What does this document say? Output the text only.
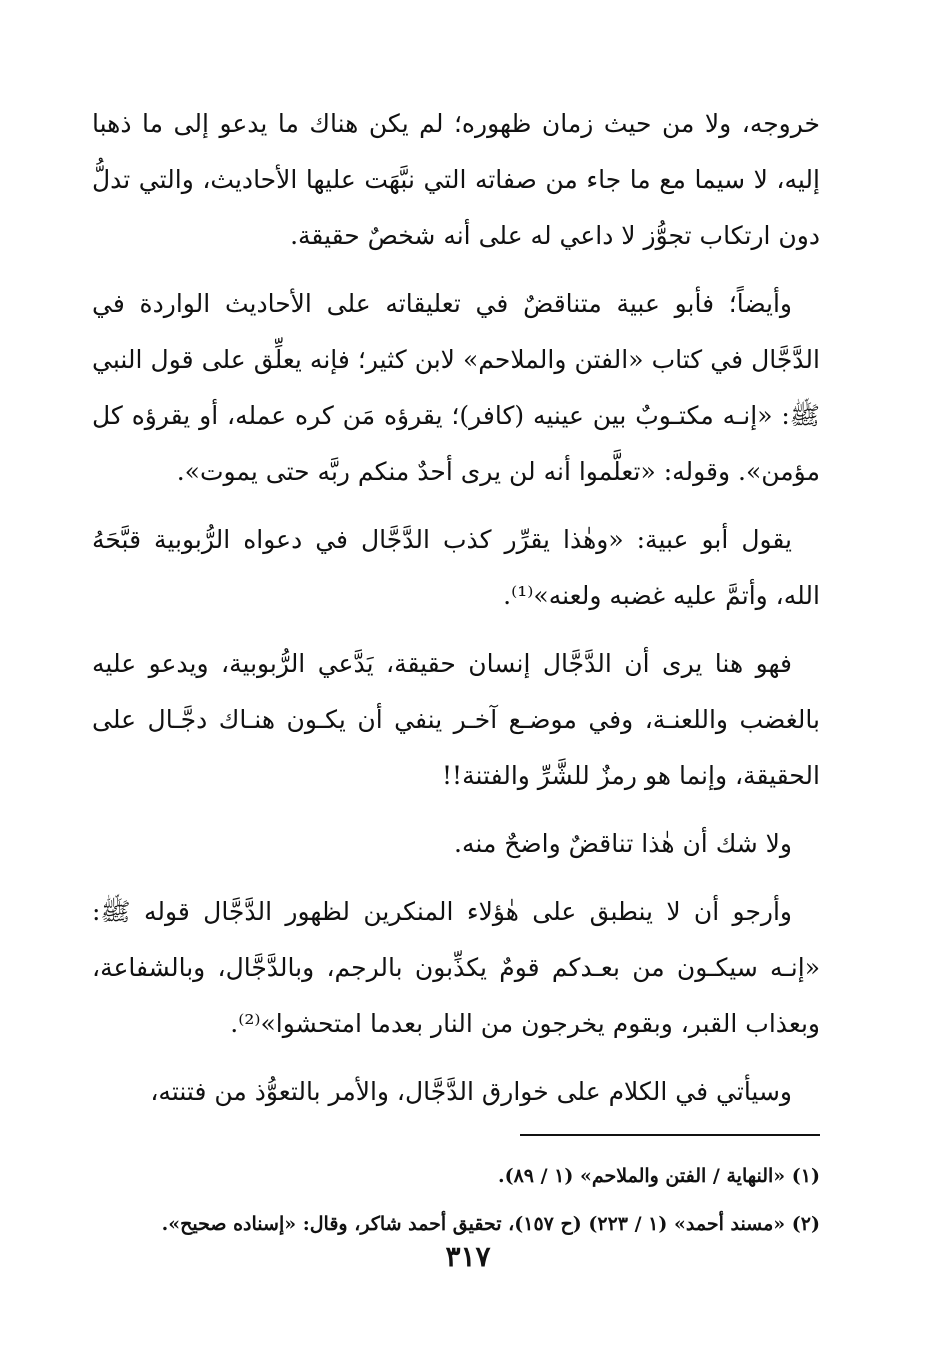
خروجه، ولا من حيث زمان ظهوره؛ لم يكن هناك ما يدعو إلى ما ذهبا إليه، لا سيما مع ما جاء من صفاته التي نبَّهَت عليها الأحاديث، والتي تدلُّ دون ارتكاب تجوُّز لا داعي له على أنه شخصٌ حقيقة.

وأيضاً؛ فأبو عبية متناقضٌ في تعليقاته على الأحاديث الواردة في الدَّجَّال في كتاب «الفتن والملاحم» لابن كثير؛ فإنه يعلِّق على قول النبي ﷺ: «إنـه مكتـوبٌ بين عينيه (كافر)؛ يقرؤه مَن كره عمله، أو يقرؤه كل مؤمن». وقوله: «تعلَّموا أنه لن يرى أحدٌ منكم ربَّه حتى يموت».

يقول أبو عبية: «وهٰذا يقرِّر كذب الدَّجَّال في دعواه الرُّبوبية قبَّحَهُ الله، وأتمَّ عليه غضبه ولعنه»⁽¹⁾.

فهو هنا يرى أن الدَّجَّال إنسان حقيقة، يَدَّعي الرُّبوبية، ويدعو عليه بالغضب واللعنـة، وفي موضـع آخـر ينفي أن يكـون هنـاك دجَّـال على الحقيقة، وإنما هو رمزٌ للشَّرِّ والفتنة!!

ولا شك أن هٰذا تناقضٌ واضحٌ منه.

وأرجو أن لا ينطبق على هٰؤلاء المنكرين لظهور الدَّجَّال قوله ﷺ: «إنـه سيكـون من بعـدكم قومٌ يكذِّبون بالرجم، وبالدَّجَّال، وبالشفاعة، وبعذاب القبر، وبقوم يخرجون من النار بعدما امتحشوا»⁽²⁾.

وسيأتي في الكلام على خوارق الدَّجَّال، والأمر بالتعوُّذ من فتنته،

(١) «النهاية / الفتن والملاحم» (١ / ٨٩).

(٢) «مسند أحمد» (١ / ٢٢٣) (ح ١٥٧)، تحقيق أحمد شاكر، وقال: «إسناده صحيح».

٣١٧
